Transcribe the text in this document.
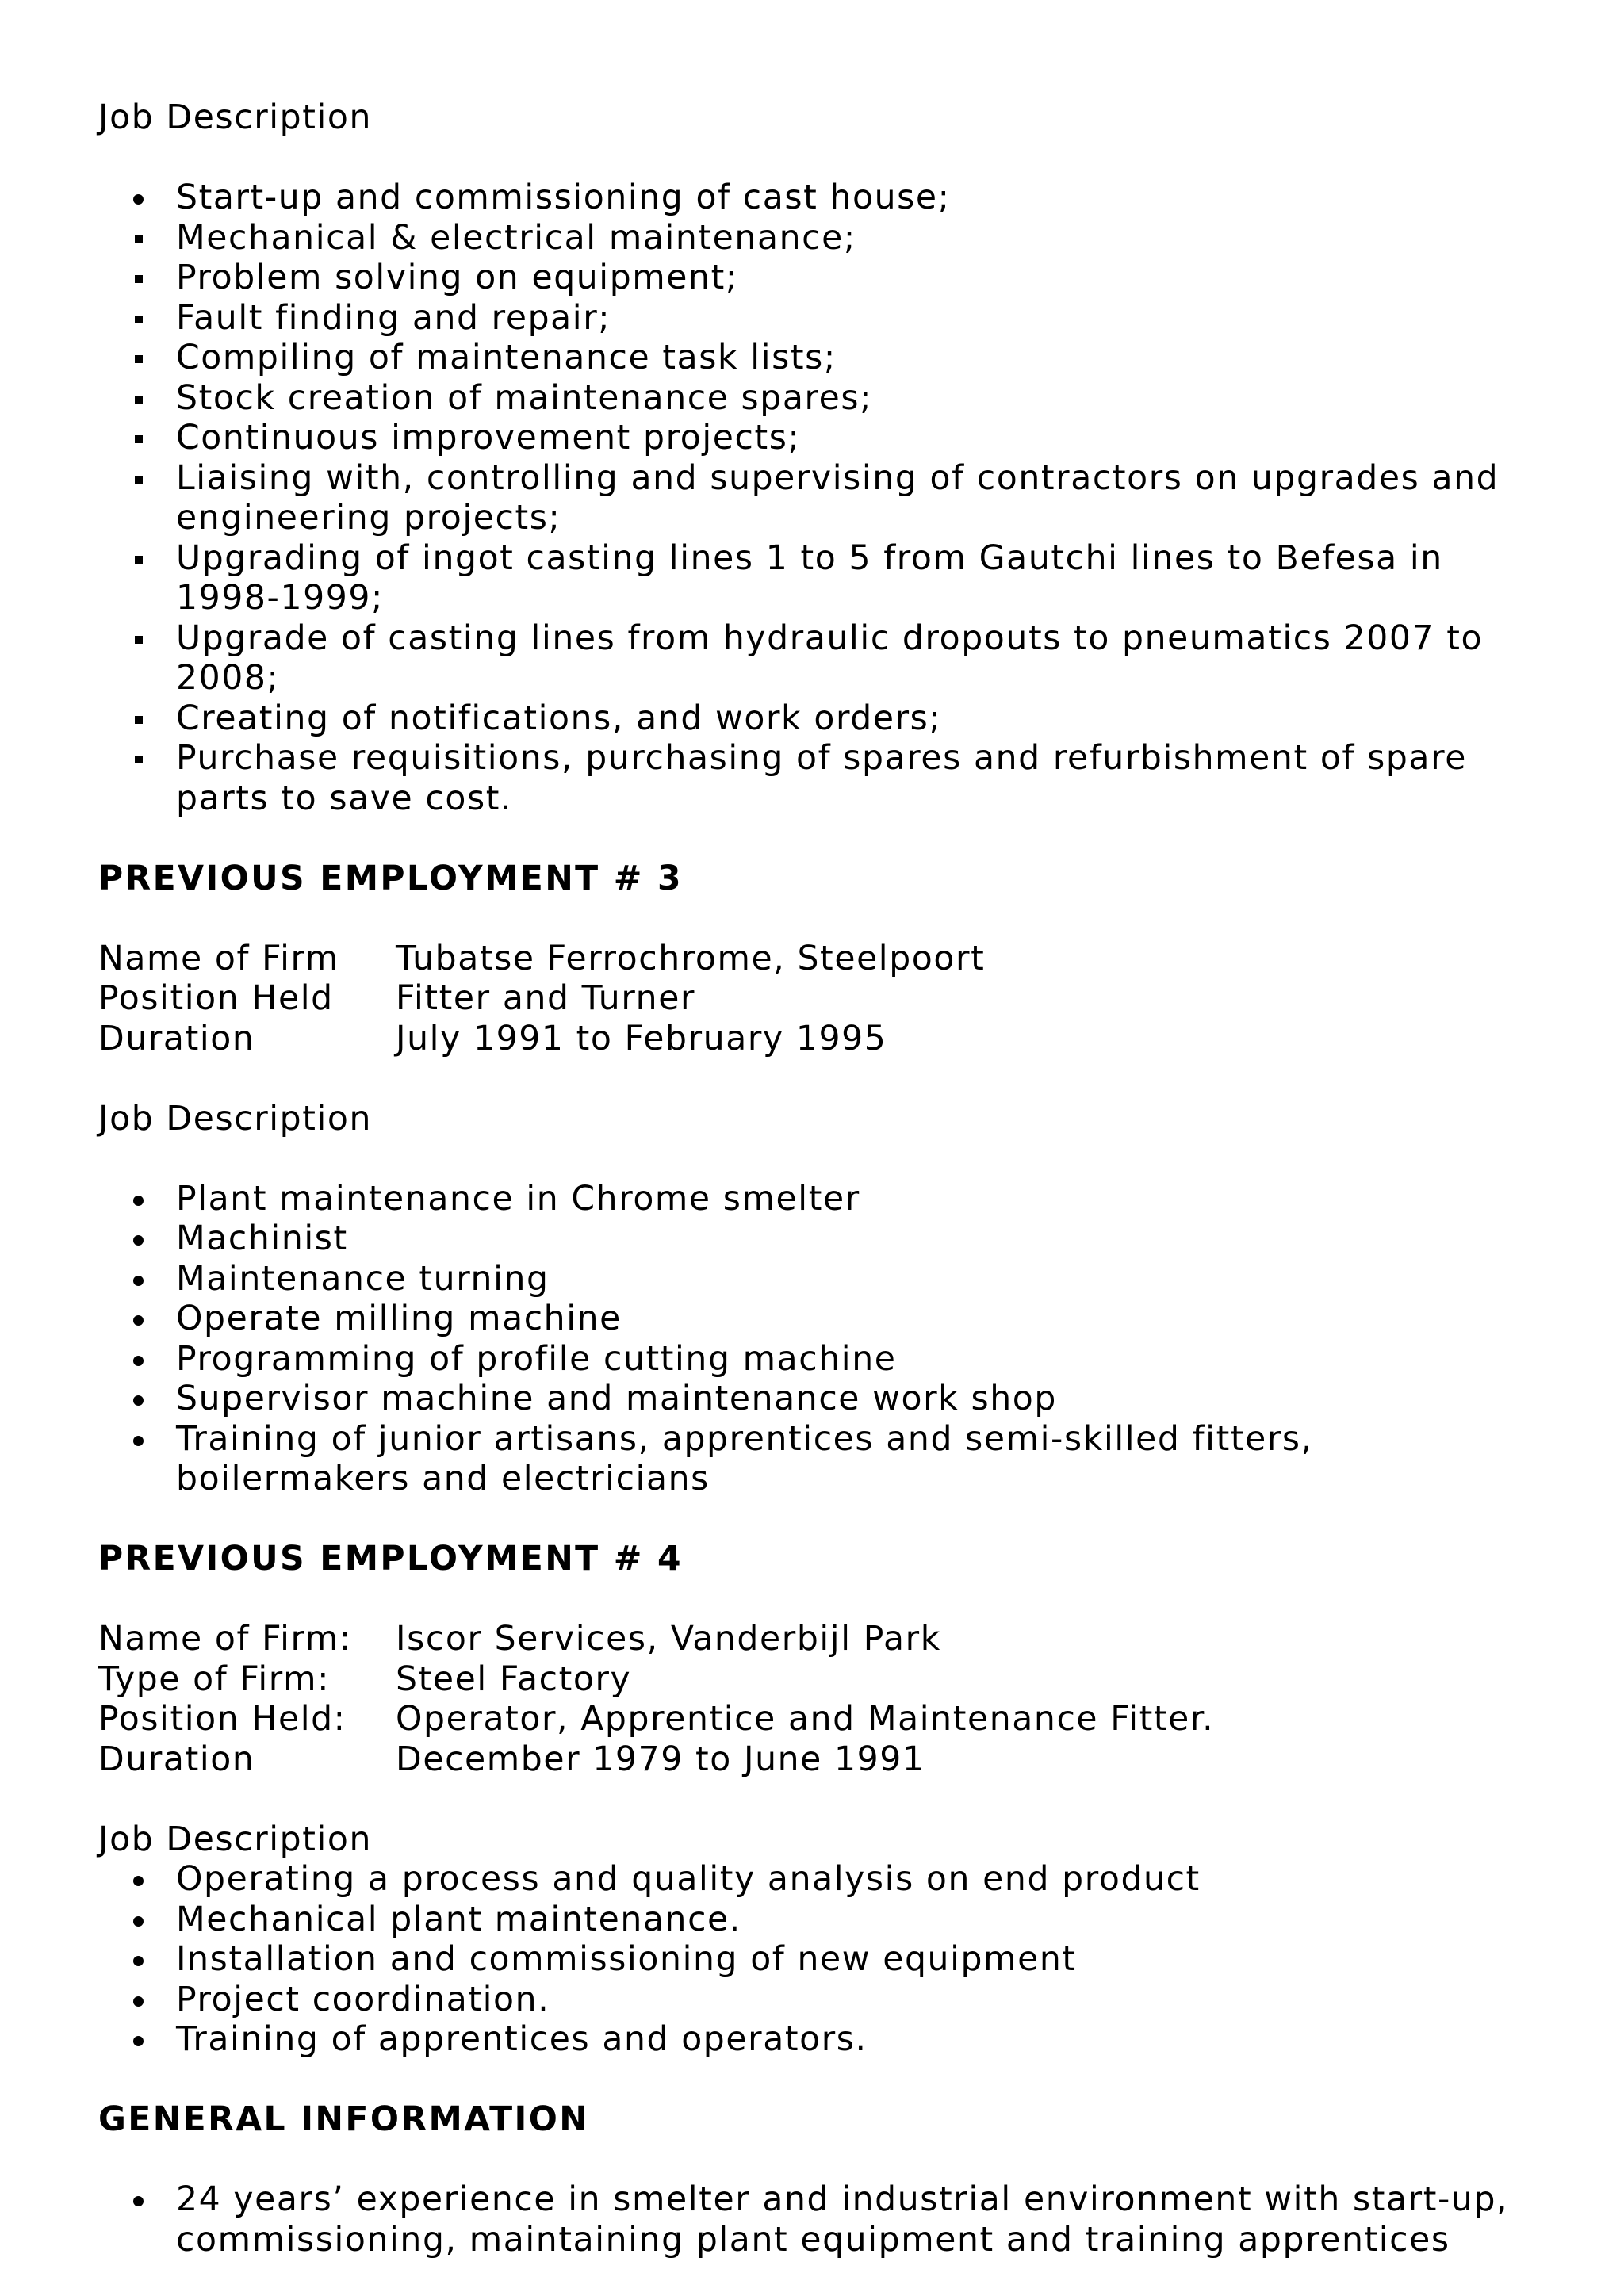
Job Description

Start-up and commissioning of cast house;
Mechanical & electrical maintenance;
Problem solving on equipment;
Fault finding and repair;
Compiling of maintenance task lists;
Stock creation of maintenance spares;
Continuous improvement projects;
Liaising with, controlling and supervising of contractors on upgrades and engineering projects;
Upgrading of ingot casting lines 1 to 5 from Gautchi lines to Befesa in 1998-1999;
Upgrade of casting lines from hydraulic dropouts to pneumatics 2007 to 2008;
Creating of notifications, and work orders;
Purchase requisitions, purchasing of spares and refurbishment of spare parts to save cost.

PREVIOUS EMPLOYMENT # 3

Name of Firm	Tubatse Ferrochrome, Steelpoort
Position Held	Fitter and Turner
Duration	July 1991 to February 1995

Job Description

Plant maintenance in Chrome smelter
Machinist
Maintenance turning
Operate milling machine
Programming of profile cutting machine
Supervisor machine and maintenance work shop
Training of junior artisans, apprentices and semi-skilled fitters, boilermakers and electricians

PREVIOUS EMPLOYMENT # 4

Name of Firm:	Iscor Services, Vanderbijl Park
Type of Firm:	Steel Factory
Position Held:	Operator, Apprentice and Maintenance Fitter.
Duration	December 1979 to June 1991

Job Description

Operating a process and quality analysis on end product
Mechanical plant maintenance.
Installation and commissioning of new equipment
Project coordination.
Training of apprentices and operators.

GENERAL INFORMATION

24 years’ experience in smelter and industrial environment with start-up, commissioning, maintaining plant equipment and training apprentices
